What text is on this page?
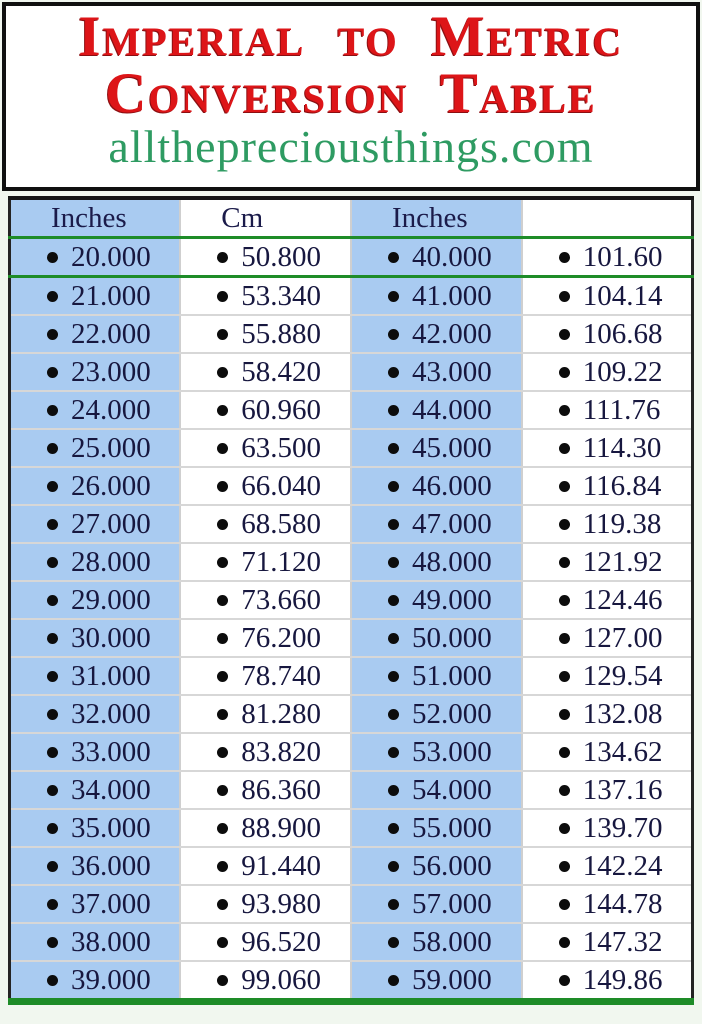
Imperial to Metric
Conversion Table
allthepreciousthings.com
Inches	Cm	Inches	

20.000	50.800	40.000	101.60

21.000	53.340	41.000	104.14

22.000	55.880	42.000	106.68

23.000	58.420	43.000	109.22

24.000	60.960	44.000	111.76

25.000	63.500	45.000	114.30

26.000	66.040	46.000	116.84

27.000	68.580	47.000	119.38

28.000	71.120	48.000	121.92

29.000	73.660	49.000	124.46

30.000	76.200	50.000	127.00

31.000	78.740	51.000	129.54

32.000	81.280	52.000	132.08

33.000	83.820	53.000	134.62

34.000	86.360	54.000	137.16

35.000	88.900	55.000	139.70

36.000	91.440	56.000	142.24

37.000	93.980	57.000	144.78

38.000	96.520	58.000	147.32

39.000	99.060	59.000	149.86
